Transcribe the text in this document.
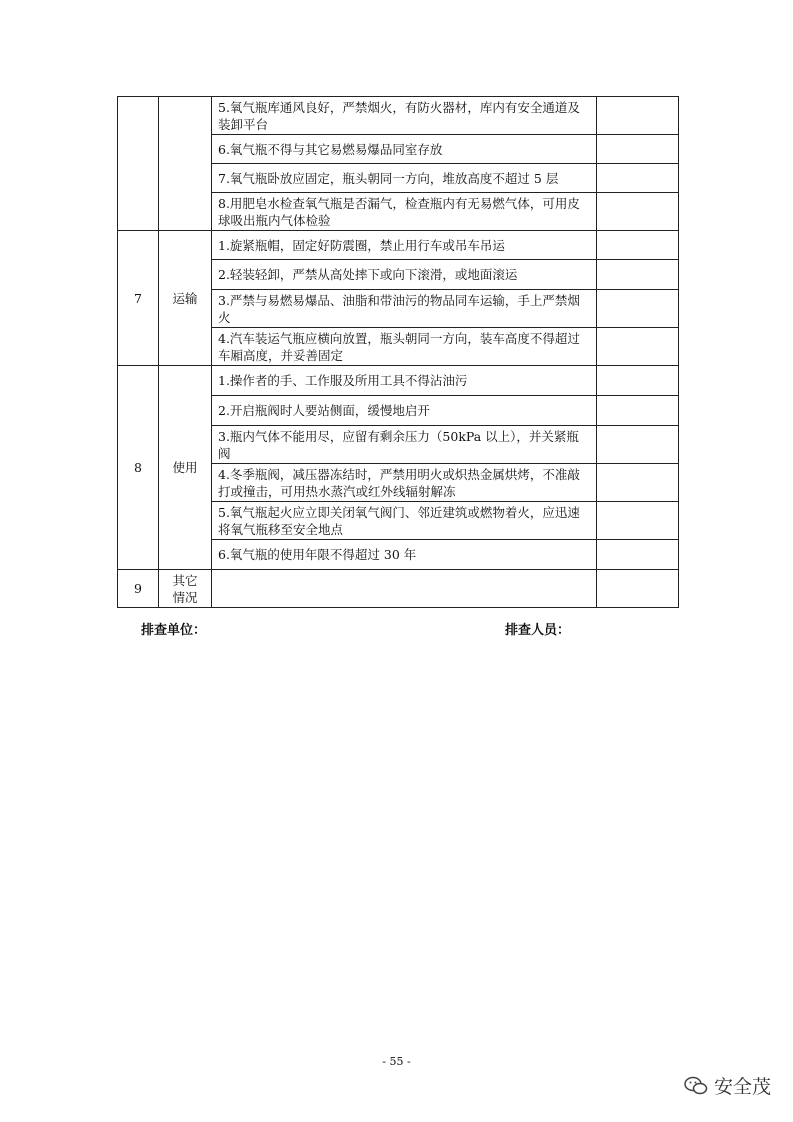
		5.氧气瓶库通风良好，严禁烟火，有防火器材，库内有安全通道及装卸平台	
		6.氧气瓶不得与其它易燃易爆品同室存放	
		7.氧气瓶卧放应固定，瓶头朝同一方向，堆放高度不超过 5 层	
		8.用肥皂水检查氧气瓶是否漏气，检查瓶内有无易燃气体，可用皮球吸出瓶内气体检验	
7	运输	1.旋紧瓶帽，固定好防震圈，禁止用行车或吊车吊运	
		2.轻装轻卸，严禁从高处摔下或向下滚滑，或地面滚运	
		3.严禁与易燃易爆品、油脂和带油污的物品同车运输，手上严禁烟火	
		4.汽车装运气瓶应横向放置，瓶头朝同一方向，装车高度不得超过车厢高度，并妥善固定	
8	使用	1.操作者的手、工作服及所用工具不得沾油污	
		2.开启瓶阀时人要站侧面，缓慢地启开	
		3.瓶内气体不能用尽，应留有剩余压力（50kPa 以上），并关紧瓶阀	
		4.冬季瓶阀，减压器冻结时，严禁用明火或炽热金属烘烤，不准敲打或撞击，可用热水蒸汽或红外线辐射解冻	
		5.氧气瓶起火应立即关闭氧气阀门、邻近建筑或燃物着火，应迅速将氧气瓶移至安全地点	
		6.氧气瓶的使用年限不得超过 30 年	
9	其它情况		
排查单位：	排查人员：
- 55 -
安全茂
